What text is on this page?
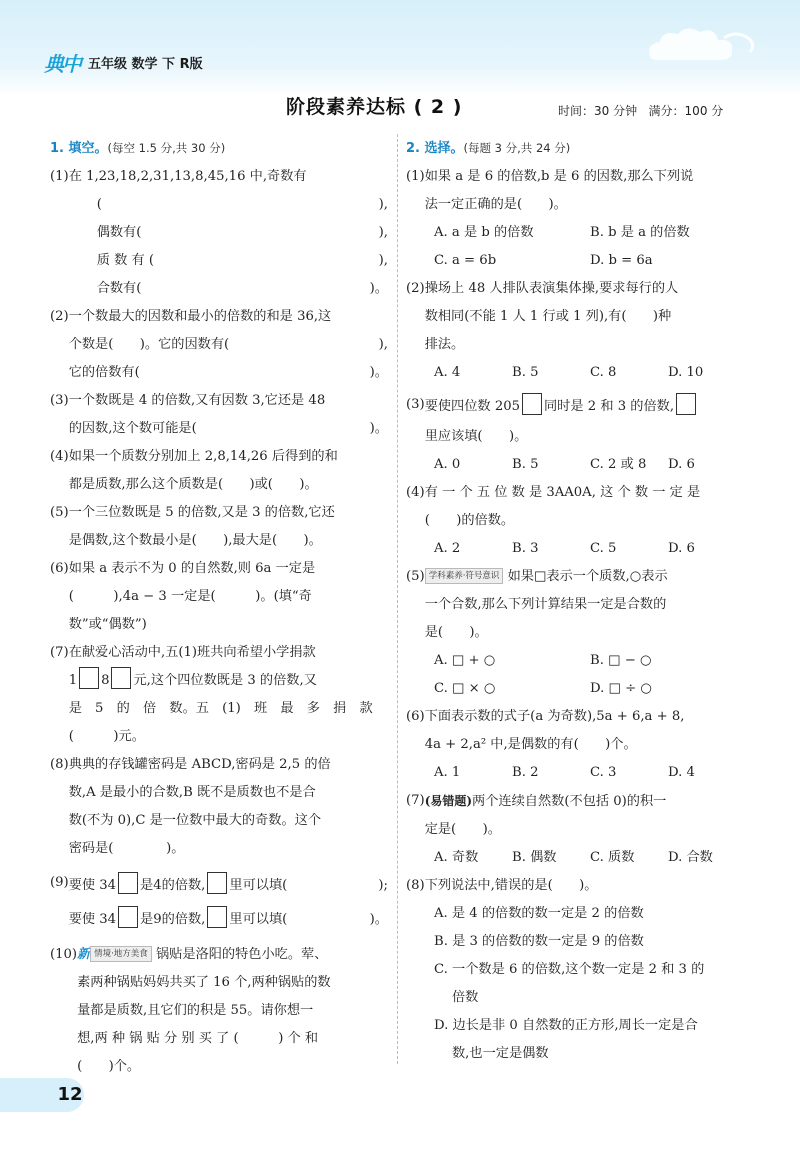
典中 五年级 数学 下 R版
阶段素养达标 ( 2 )	时间：30 分钟 满分：100 分
1. 填空。(每空 1.5 分,共 30 分)
(1) 在 1,23,18,2,31,13,8,45,16 中,奇数有
(	),
偶数有(	),
质 数 有 (	),
合数有(	)。
(2) 一个数最大的因数和最小的倍数的和是 36,这
个数是(　　)。它的因数有(	),
它的倍数有(	)。
(3) 一个数既是 4 的倍数,又有因数 3,它还是 48
的因数,这个数可能是(	)。
(4) 如果一个质数分别加上 2,8,14,26 后得到的和
都是质数,那么这个质数是(　　)或(　　)。
(5) 一个三位数既是 5 的倍数,又是 3 的倍数,它还
是偶数,这个数最小是(　　),最大是(　　)。
(6) 如果 a 表示不为 0 的自然数,则 6a 一定是
(　　　),4a − 3 一定是(　　　)。(填“奇
数”或“偶数”)
(7) 在献爱心活动中,五(1)班共向希望小学捐款
1 8 元,这个四位数既是 3 的倍数,又
是　5　的　倍　数。五　(1)　班　最　多　捐　款
(　　　)元。
(8) 典典的存钱罐密码是 ABCD,密码是 2,5 的倍
数,A 是最小的合数,B 既不是质数也不是合
数(不为 0),C 是一位数中最大的奇数。这个
密码是(　　　　)。
(9) 要使 34 是4的倍数, 里可以填(	);
要使 34 是9的倍数, 里可以填(	)。
(10) 新 情境·地方美食 锅贴是洛阳的特色小吃。荤、
素两种锅贴妈妈共买了 16 个,两种锅贴的数
量都是质数,且它们的积是 55。请你想一
想,两 种 锅 贴 分 别 买 了 (　　　) 个 和
(　　)个。
2. 选择。(每题 3 分,共 24 分)
(1) 如果 a 是 6 的倍数,b 是 6 的因数,那么下列说
法一定正确的是(　　)。
A. a 是 b 的倍数	B. b 是 a 的倍数
C. a = 6b	D. b = 6a
(2) 操场上 48 人排队表演集体操,要求每行的人
数相同(不能 1 人 1 行或 1 列),有(　　)种
排法。
A. 4	B. 5	C. 8	D. 10
(3) 要使四位数 205 同时是 2 和 3 的倍数,
里应该填(　　)。
A. 0	B. 5	C. 2 或 8	D. 6
(4) 有 一 个 五 位 数 是 3AA0A, 这 个 数 一 定 是
(　　)的倍数。
A. 2	B. 3	C. 5	D. 6
(5) 学科素养·符号意识 如果□表示一个质数,○表示
一个合数,那么下列计算结果一定是合数的
是(　　)。
A. □ + ○	B. □ − ○
C. □ × ○	D. □ ÷ ○
(6) 下面表示数的式子(a 为奇数),5a + 6,a + 8,
4a + 2,a² 中,是偶数的有(　　)个。
A. 1	B. 2	C. 3	D. 4
(7) (易错题)两个连续自然数(不包括 0)的积一
定是(　　)。
A. 奇数	B. 偶数	C. 质数	D. 合数
(8) 下列说法中,错误的是(　　)。
A. 是 4 的倍数的数一定是 2 的倍数
B. 是 3 的倍数的数一定是 9 的倍数
C. 一个数是 6 的倍数,这个数一定是 2 和 3 的
倍数
D. 边长是非 0 自然数的正方形,周长一定是合
数,也一定是偶数
12
